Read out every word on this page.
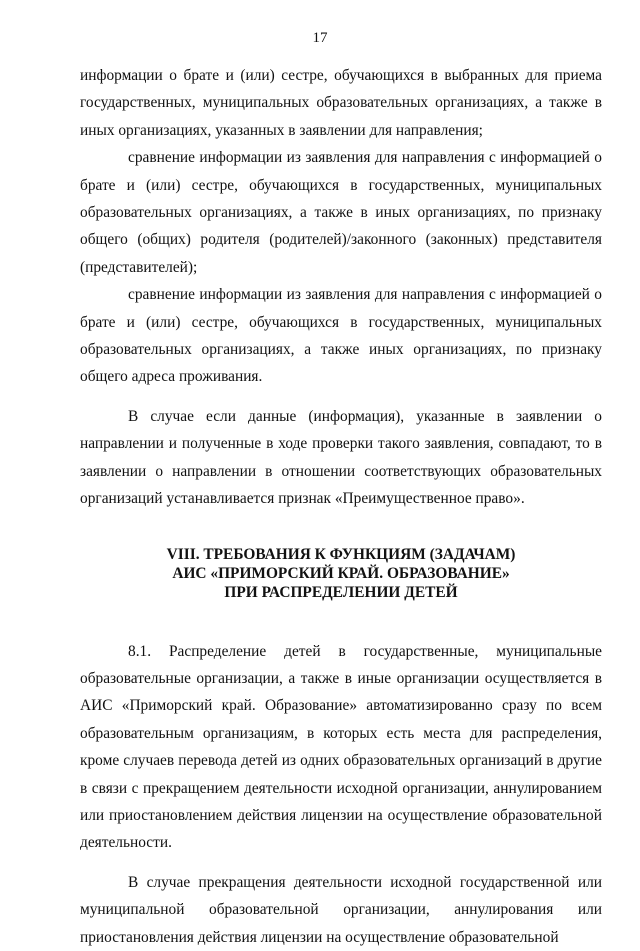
17

информации о брате и (или) сестре, обучающихся в выбранных для приема государственных, муниципальных образовательных организациях, а также в иных организациях, указанных в заявлении для направления;

сравнение информации из заявления для направления с информацией о брате и (или) сестре, обучающихся в государственных, муниципальных образовательных организациях, а также в иных организациях, по признаку общего (общих) родителя (родителей)/законного (законных) представителя (представителей);

сравнение информации из заявления для направления с информацией о брате и (или) сестре, обучающихся в государственных, муниципальных образовательных организациях, а также иных организациях, по признаку общего адреса проживания.

В случае если данные (информация), указанные в заявлении о направлении и полученные в ходе проверки такого заявления, совпадают, то в заявлении о направлении в отношении соответствующих образовательных организаций устанавливается признак «Преимущественное право».

VIII. ТРЕБОВАНИЯ К ФУНКЦИЯМ (ЗАДАЧАМ)
АИС «ПРИМОРСКИЙ КРАЙ. ОБРАЗОВАНИЕ»
ПРИ РАСПРЕДЕЛЕНИИ ДЕТЕЙ

8.1. Распределение детей в государственные, муниципальные образовательные организации, а также в иные организации осуществляется в АИС «Приморский край. Образование» автоматизированно сразу по всем образовательным организациям, в которых есть места для распределения, кроме случаев перевода детей из одних образовательных организаций в другие в связи с прекращением деятельности исходной организации, аннулированием или приостановлением действия лицензии на осуществление образовательной деятельности.

В случае прекращения деятельности исходной государственной или муниципальной образовательной организации, аннулирования или приостановления действия лицензии на осуществление образовательной
